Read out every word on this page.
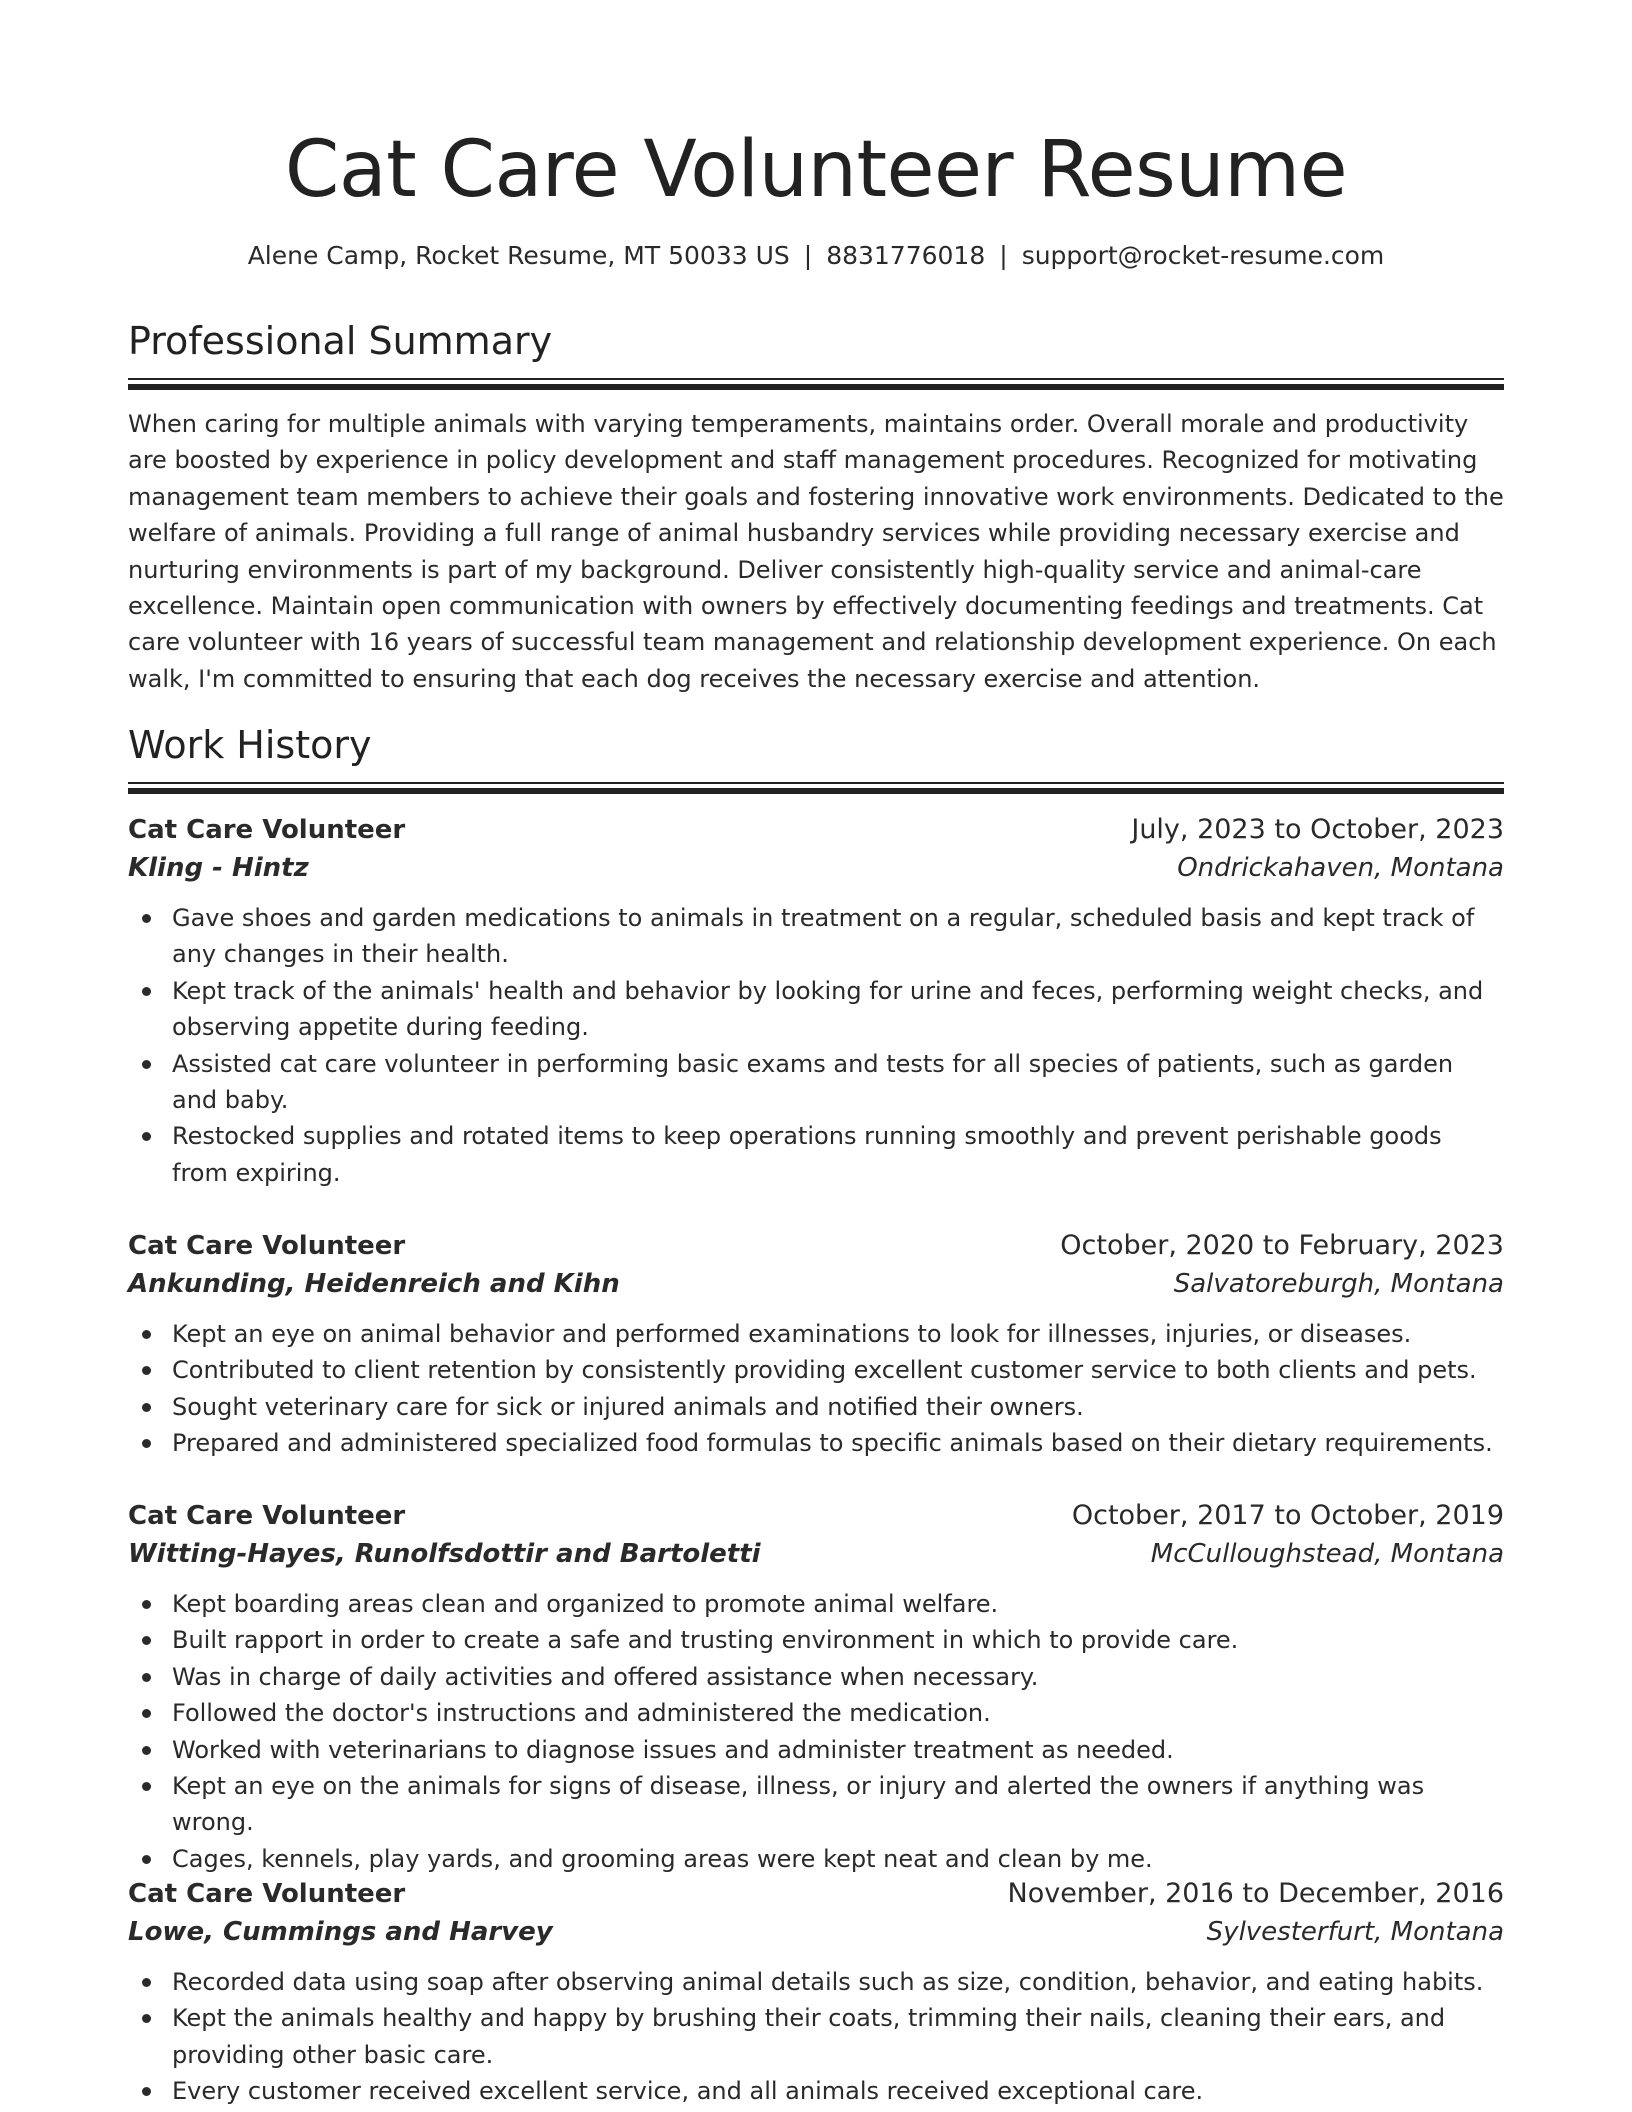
Cat Care Volunteer Resume
Alene Camp, Rocket Resume, MT 50033 US | 8831776018 | support@rocket-resume.com
Professional Summary

When caring for multiple animals with varying temperaments, maintains order. Overall morale and productivity are boosted by experience in policy development and staff management procedures. Recognized for motivating management team members to achieve their goals and fostering innovative work environments. Dedicated to the welfare of animals. Providing a full range of animal husbandry services while providing necessary exercise and nurturing environments is part of my background. Deliver consistently high-quality service and animal-care excellence. Maintain open communication with owners by effectively documenting feedings and treatments. Cat care volunteer with 16 years of successful team management and relationship development experience. On each walk, I'm committed to ensuring that each dog receives the necessary exercise and attention.

Work History
Cat Care Volunteer	July, 2023 to October, 2023
Kling - Hintz	Ondrickahaven, Montana
Gave shoes and garden medications to animals in treatment on a regular, scheduled basis and kept track of any changes in their health.
Kept track of the animals' health and behavior by looking for urine and feces, performing weight checks, and observing appetite during feeding.
Assisted cat care volunteer in performing basic exams and tests for all species of patients, such as garden and baby.
Restocked supplies and rotated items to keep operations running smoothly and prevent perishable goods from expiring.
Cat Care Volunteer	October, 2020 to February, 2023
Ankunding, Heidenreich and Kihn	Salvatoreburgh, Montana
Kept an eye on animal behavior and performed examinations to look for illnesses, injuries, or diseases.
Contributed to client retention by consistently providing excellent customer service to both clients and pets.
Sought veterinary care for sick or injured animals and notified their owners.
Prepared and administered specialized food formulas to specific animals based on their dietary requirements.
Cat Care Volunteer	October, 2017 to October, 2019
Witting-Hayes, Runolfsdottir and Bartoletti	McCulloughstead, Montana
Kept boarding areas clean and organized to promote animal welfare.
Built rapport in order to create a safe and trusting environment in which to provide care.
Was in charge of daily activities and offered assistance when necessary.
Followed the doctor's instructions and administered the medication.
Worked with veterinarians to diagnose issues and administer treatment as needed.
Kept an eye on the animals for signs of disease, illness, or injury and alerted the owners if anything was wrong.
Cages, kennels, play yards, and grooming areas were kept neat and clean by me.
Cat Care Volunteer	November, 2016 to December, 2016
Lowe, Cummings and Harvey	Sylvesterfurt, Montana
Recorded data using soap after observing animal details such as size, condition, behavior, and eating habits.
Kept the animals healthy and happy by brushing their coats, trimming their nails, cleaning their ears, and providing other basic care.
Every customer received excellent service, and all animals received exceptional care.
